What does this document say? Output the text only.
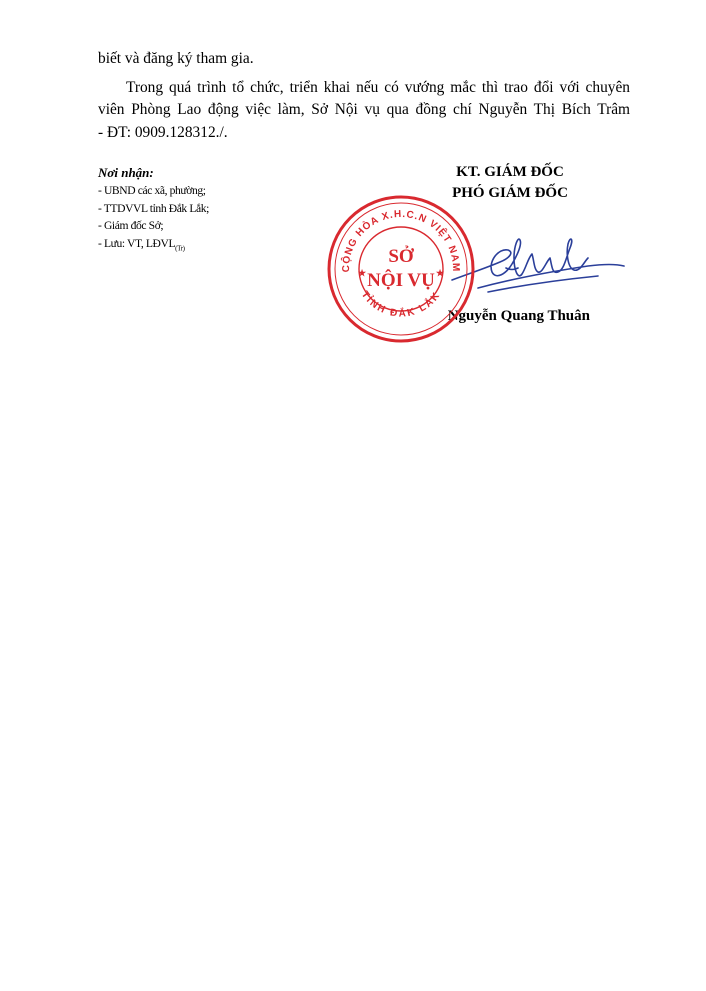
biết và đăng ký tham gia.
Trong quá trình tổ chức, triển khai nếu có vướng mắc thì trao đổi với chuyên
viên Phòng Lao động việc làm, Sở Nội vụ qua đồng chí Nguyễn Thị Bích Trâm
- ĐT: 0909.128312./.
Nơi nhận:
- UBND các xã, phường;
- TTDVVL tỉnh Đắk Lắk;
- Giám đốc Sở;
- Lưu: VT, $LĐVL_{(Tr)}$
KT. GIÁM ĐỐC
PHÓ GIÁM ĐỐC
Nguyễn Quang Thuân
CỘNG HÒA X.H.C.N VIỆT NAM
TỈNH ĐẮK LẮK
SỞ
NỘI VỤ
★	★
